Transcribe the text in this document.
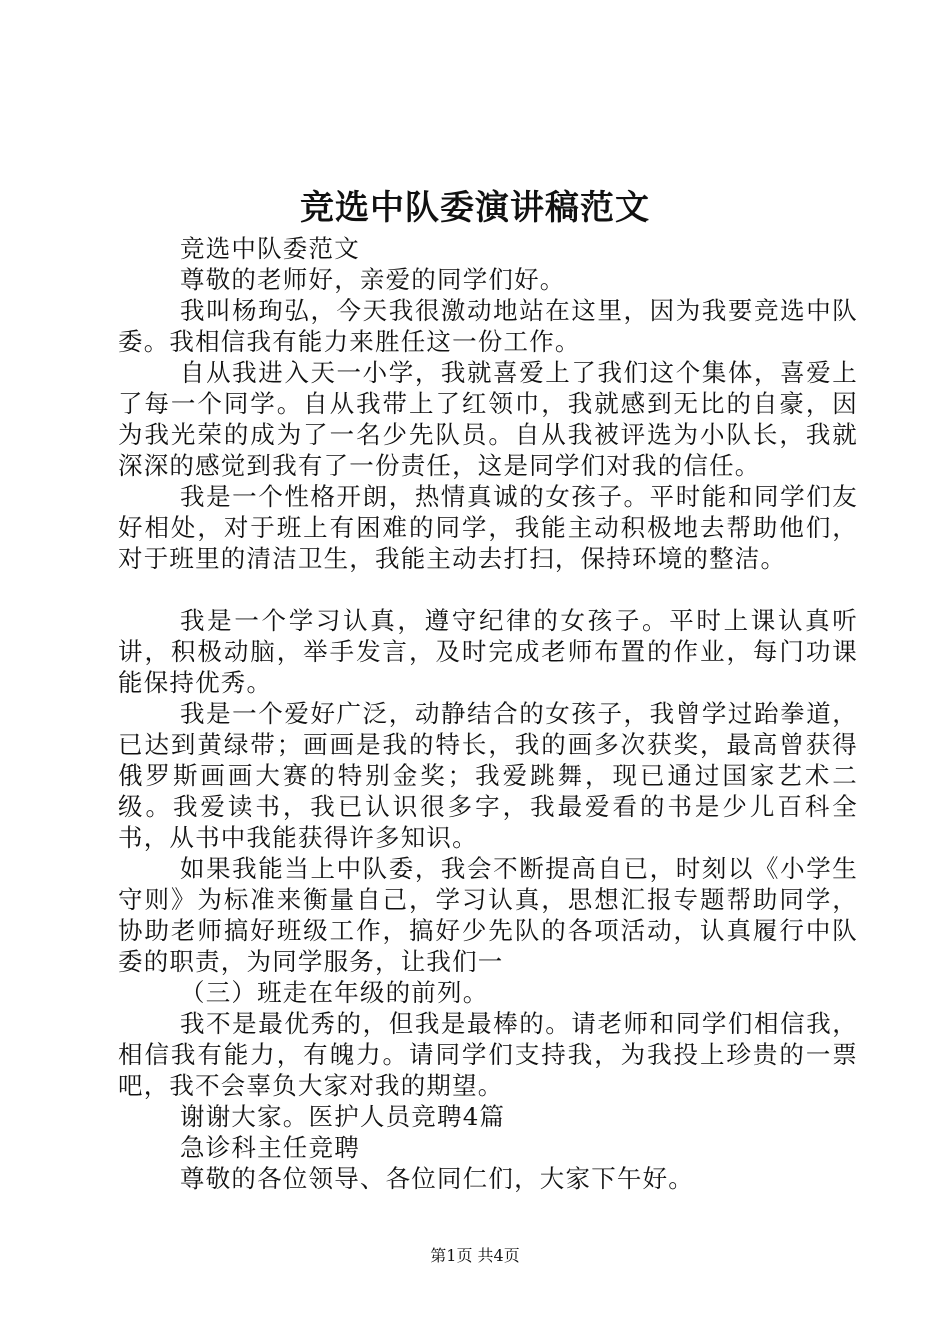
竞选中队委演讲稿范文

竞选中队委范文

尊敬的老师好，亲爱的同学们好。

我叫杨珣弘，今天我很激动地站在这里，因为我要竞选中队委。我相信我有能力来胜任这一份工作。

自从我进入天一小学，我就喜爱上了我们这个集体，喜爱上了每一个同学。自从我带上了红领巾，我就感到无比的自豪，因为我光荣的成为了一名少先队员。自从我被评选为小队长，我就深深的感觉到我有了一份责任，这是同学们对我的信任。

我是一个性格开朗，热情真诚的女孩子。平时能和同学们友好相处，对于班上有困难的同学，我能主动积极地去帮助他们，对于班里的清洁卫生，我能主动去打扫，保持环境的整洁。

我是一个学习认真，遵守纪律的女孩子。平时上课认真听讲，积极动脑，举手发言，及时完成老师布置的作业，每门功课能保持优秀。

我是一个爱好广泛，动静结合的女孩子，我曾学过跆拳道，已达到黄绿带；画画是我的特长，我的画多次获奖，最高曾获得俄罗斯画画大赛的特别金奖；我爱跳舞，现已通过国家艺术二级。我爱读书，我已认识很多字，我最爱看的书是少儿百科全书，从书中我能获得许多知识。

如果我能当上中队委，我会不断提高自已，时刻以《小学生守则》为标准来衡量自己，学习认真，思想汇报专题帮助同学，协助老师搞好班级工作，搞好少先队的各项活动，认真履行中队委的职责，为同学服务，让我们一

（三）班走在年级的前列。

我不是最优秀的，但我是最棒的。请老师和同学们相信我，相信我有能力，有魄力。请同学们支持我，为我投上珍贵的一票吧，我不会辜负大家对我的期望。

谢谢大家。医护人员竞聘4篇

急诊科主任竞聘

尊敬的各位领导、各位同仁们，大家下午好。

第1页 共4页
